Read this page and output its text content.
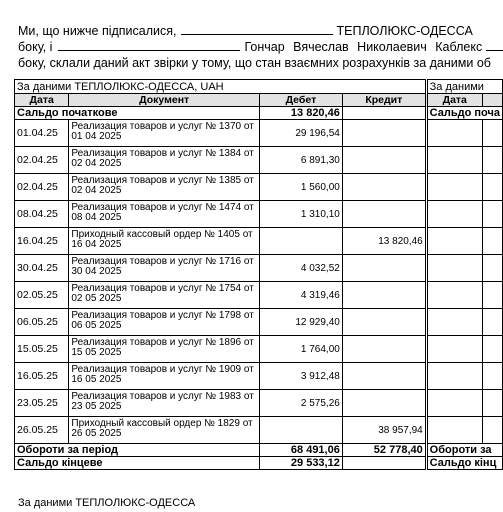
Ми, що нижче підписалися,	ТЕПЛОЛЮКС-ОДЕССА
боку, і	Гончар Вячеслав Николаевич Каблекс
боку, склали даний акт звірки у тому, що стан взаємних розрахунків за даними об
За даними ТЕПЛОЛЮКС-ОДЕССА, UAH					За даними	
Дата	Документ	Дебет	Кредит		Дата	
Сальдо початкове		13 820,46			Сальдо поча	
01.04.25	Реализация товаров и услуг № 1370 от 01 04 2025	29 196,54				
02.04.25	Реализация товаров и услуг № 1384 от 02 04 2025	6 891,30				
02.04.25	Реализация товаров и услуг № 1385 от 02 04 2025	1 560,00				
08.04.25	Реализация товаров и услуг № 1474 от 08 04 2025	1 310,10				
16.04.25	Приходный кассовый ордер № 1405 от 16 04 2025		13 820,46			
30.04.25	Реализация товаров и услуг № 1716 от 30 04 2025	4 032,52				
02.05.25	Реализация товаров и услуг № 1754 от 02 05 2025	4 319,46				
06.05.25	Реализация товаров и услуг № 1798 от 06 05 2025	12 929,40				
15.05.25	Реализация товаров и услуг № 1896 от 15 05 2025	1 764,00				
16.05.25	Реализация товаров и услуг № 1909 от 16 05 2025	3 912,48				
23.05.25	Реализация товаров и услуг № 1983 от 23 05 2025	2 575,26				
26.05.25	Приходный кассовый ордер № 1829 от 26 05 2025		38 957,94			
Обороти за період		68 491,06	52 778,40		Обороти за	
Сальдо кінцеве		29 533,12			Сальдо кінц	
За даними ТЕПЛОЛЮКС-ОДЕССА
